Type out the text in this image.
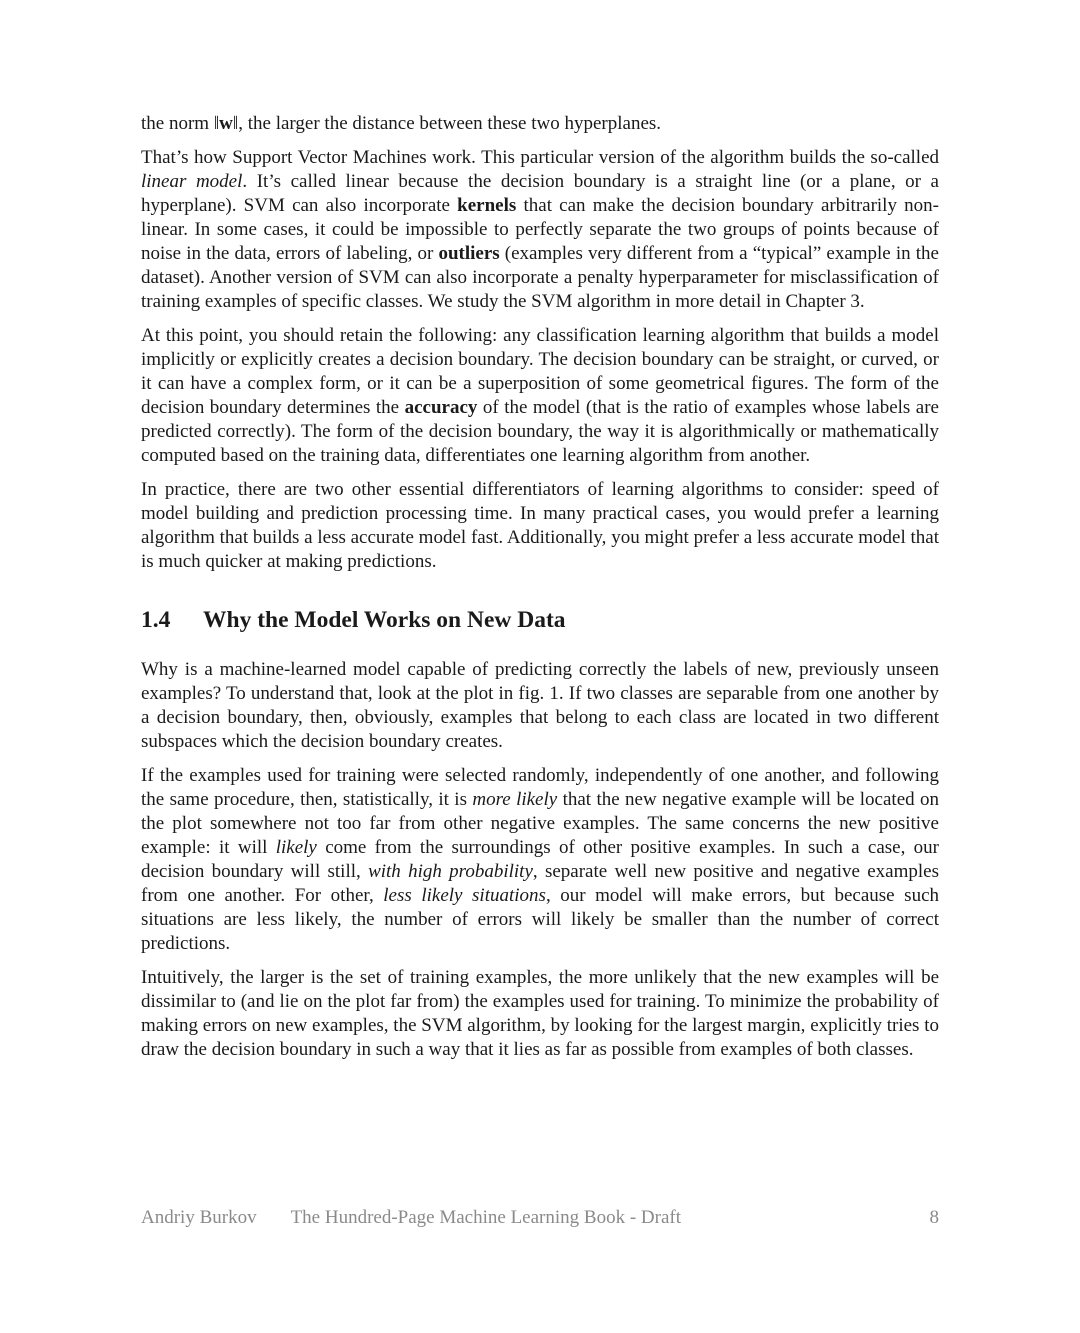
the norm ‖w‖, the larger the distance between these two hyperplanes.

That’s how Support Vector Machines work. This particular version of the algorithm builds the so-called linear model. It’s called linear because the decision boundary is a straight line (or a plane, or a hyperplane). SVM can also incorporate kernels that can make the decision boundary arbitrarily non-linear. In some cases, it could be impossible to perfectly separate the two groups of points because of noise in the data, errors of labeling, or outliers (examples very different from a “typical” example in the dataset). Another version of SVM can also incorporate a penalty hyperparameter for misclassification of training examples of specific classes. We study the SVM algorithm in more detail in Chapter 3.

At this point, you should retain the following: any classification learning algorithm that builds a model implicitly or explicitly creates a decision boundary. The decision boundary can be straight, or curved, or it can have a complex form, or it can be a superposition of some geometrical figures. The form of the decision boundary determines the accuracy of the model (that is the ratio of examples whose labels are predicted correctly). The form of the decision boundary, the way it is algorithmically or mathematically computed based on the training data, differentiates one learning algorithm from another.

In practice, there are two other essential differentiators of learning algorithms to consider: speed of model building and prediction processing time. In many practical cases, you would prefer a learning algorithm that builds a less accurate model fast. Additionally, you might prefer a less accurate model that is much quicker at making predictions.

1.4	Why the Model Works on New Data

Why is a machine-learned model capable of predicting correctly the labels of new, previously unseen examples? To understand that, look at the plot in fig. 1. If two classes are separable from one another by a decision boundary, then, obviously, examples that belong to each class are located in two different subspaces which the decision boundary creates.

If the examples used for training were selected randomly, independently of one another, and following the same procedure, then, statistically, it is more likely that the new negative example will be located on the plot somewhere not too far from other negative examples. The same concerns the new positive example: it will likely come from the surroundings of other positive examples. In such a case, our decision boundary will still, with high probability, separate well new positive and negative examples from one another. For other, less likely situations, our model will make errors, but because such situations are less likely, the number of errors will likely be smaller than the number of correct predictions.

Intuitively, the larger is the set of training examples, the more unlikely that the new examples will be dissimilar to (and lie on the plot far from) the examples used for training. To minimize the probability of making errors on new examples, the SVM algorithm, by looking for the largest margin, explicitly tries to draw the decision boundary in such a way that it lies as far as possible from examples of both classes.

Andriy Burkov The Hundred-Page Machine Learning Book - Draft	8
